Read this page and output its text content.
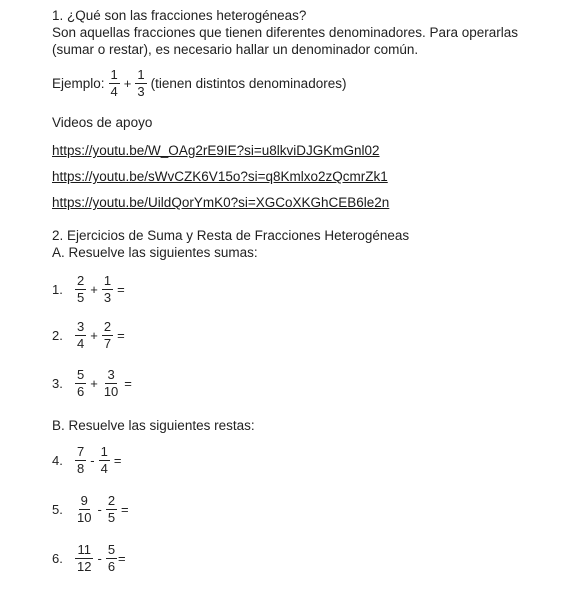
1. ¿Qué son las fracciones heterogéneas?
Son aquellas fracciones que tienen diferentes denominadores. Para operarlas
(sumar o restar), es necesario hallar un denominador común.
Ejemplo: $\frac{1}{4} + \frac{1}{3}$ (tienen distintos denominadores)
Videos de apoyo
https://youtu.be/W_OAg2rE9IE?si=u8lkviDJGKmGnl02
https://youtu.be/sWvCZK6V15o?si=q8Kmlxo2zQcmrZk1
https://youtu.be/UildQorYmK0?si=XGCoXKGhCEB6le2n
2. Ejercicios de Suma y Resta de Fracciones Heterogéneas
A. Resuelve las siguientes sumas:
1. $\frac{2}{5} + \frac{1}{3}$ =
2. $\frac{3}{4} + \frac{2}{7}$ =
3. $\frac{5}{6} + \frac{3}{10}$ =
B. Resuelve las siguientes restas:
4. $\frac{7}{8} - \frac{1}{4}$ =
5. $\frac{9}{10} - \frac{2}{5}$ =
6. $\frac{11}{12} - \frac{5}{6}$ =
